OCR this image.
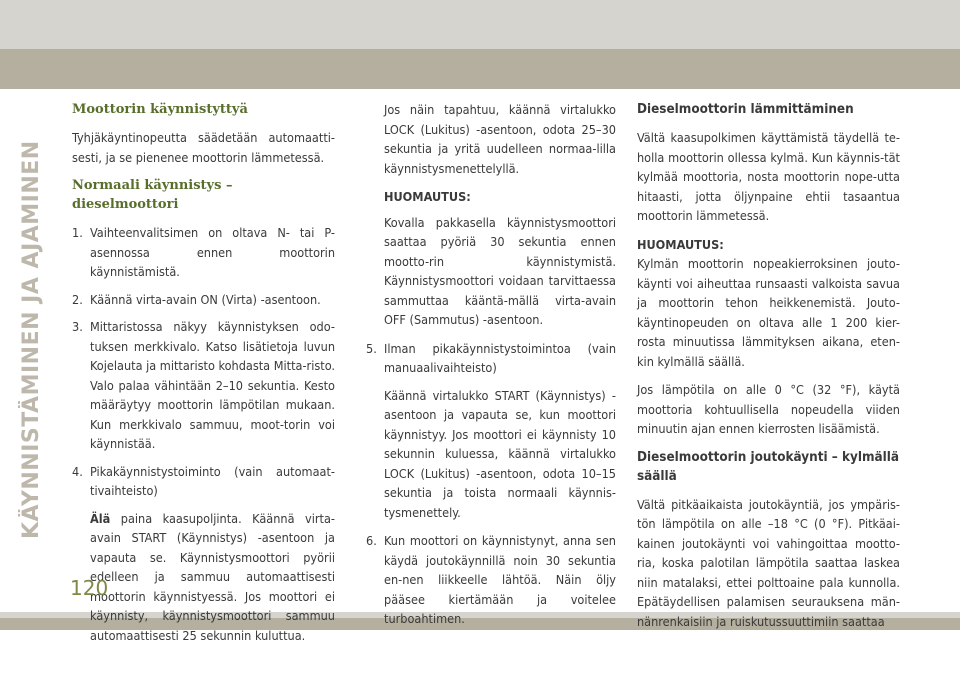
KÄYNNISTÄMINEN JA AJAMINEN
Moottorin käynnistyttyä

Tyhjäkäyntinopeutta säädetään automaatti-sesti, ja se pienenee moottorin lämmetessä.

Normaali käynnistys – dieselmoottori
1. Vaihteenvalitsimen on oltava N- tai P-asennossa ennen moottorin käynnistämistä.
2. Käännä virta-avain ON (Virta) -asentoon.
3. Mittaristossa näkyy käynnistyksen odo-tuksen merkkivalo. Katso lisätietoja luvun Kojelauta ja mittaristo kohdasta Mitta-risto. Valo palaa vähintään 2–10 sekuntia. Kesto määräytyy moottorin lämpötilan mukaan. Kun merkkivalo sammuu, moot-torin voi käynnistää.
4. Pikakäynnistystoiminto (vain automaat-tivaihteisto)

Älä paina kaasupoljinta. Käännä virta-avain START (Käynnistys) -asentoon ja vapauta se. Käynnistysmoottori pyörii edelleen ja sammuu automaattisesti moottorin käynnistyessä. Jos moottori ei käynnisty, käynnistysmoottori sammuu automaattisesti 25 sekunnin kuluttua.

Jos näin tapahtuu, käännä virtalukko LOCK (Lukitus) -asentoon, odota 25–30 sekuntia ja yritä uudelleen normaa-lilla käynnistysmenettelyllä.

HUOMAUTUS:

Kovalla pakkasella käynnistysmoottori saattaa pyöriä 30 sekuntia ennen mootto-rin käynnistymistä. Käynnistysmoottori voidaan tarvittaessa sammuttaa kääntä-mällä virta-avain OFF (Sammutus) -asentoon.

5. Ilman pikakäynnistystoimintoa (vain manuaalivaihteisto)

Käännä virtalukko START (Käynnistys) -asentoon ja vapauta se, kun moottori käynnistyy. Jos moottori ei käynnisty 10 sekunnin kuluessa, käännä virtalukko LOCK (Lukitus) -asentoon, odota 10–15 sekuntia ja toista normaali käynnis-tysmenettely.

6. Kun moottori on käynnistynyt, anna sen käydä joutokäynnillä noin 30 sekuntia en-nen liikkeelle lähtöä. Näin öljy pääsee kiertämään ja voitelee turboahtimen.
Dieselmoottorin lämmittäminen

Vältä kaasupolkimen käyttämistä täydellä te-holla moottorin ollessa kylmä. Kun käynnis-tät kylmää moottoria, nosta moottorin nope-utta hitaasti, jotta öljynpaine ehtii tasaantua moottorin lämmetessä.

HUOMAUTUS:

Kylmän moottorin nopeakierroksinen jouto-käynti voi aiheuttaa runsaasti valkoista savua ja moottorin tehon heikkenemistä. Jouto-käyntinopeuden on oltava alle 1 200 kier-rosta minuutissa lämmityksen aikana, eten-kin kylmällä säällä.

Jos lämpötila on alle 0 °C (32 °F), käytä moottoria kohtuullisella nopeudella viiden minuutin ajan ennen kierrosten lisäämistä.

Dieselmoottorin joutokäynti – kylmällä säällä

Vältä pitkäaikaista joutokäyntiä, jos ympäris-tön lämpötila on alle –18 °C (0 °F). Pitkäai-kainen joutokäynti voi vahingoittaa mootto-ria, koska palotilan lämpötila saattaa laskea niin matalaksi, ettei polttoaine pala kunnolla. Epätäydellisen palamisen seurauksena män-nänrenkaisiin ja ruiskutussuuttimiin saattaa

120
